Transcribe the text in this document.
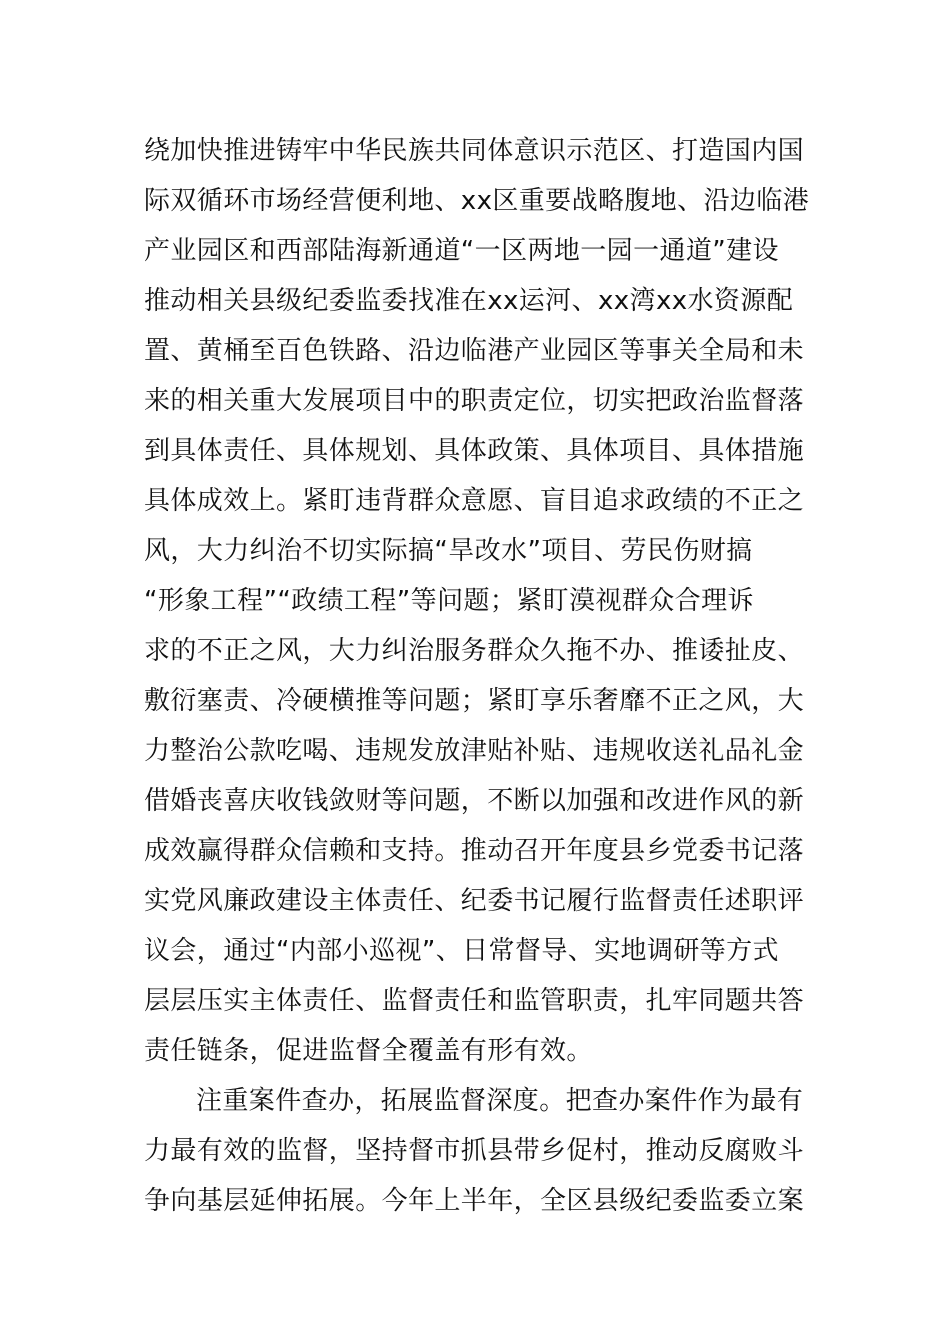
绕加快推进铸牢中华民族共同体意识示范区、打造国内国
际双循环市场经营便利地、xx区重要战略腹地、沿边临港
产业园区和西部陆海新通道“一区两地一园一通道”建设
推动相关县级纪委监委找准在xx运河、xx湾xx水资源配
置、黄桶至百色铁路、沿边临港产业园区等事关全局和未
来的相关重大发展项目中的职责定位，切实把政治监督落
到具体责任、具体规划、具体政策、具体项目、具体措施
具体成效上。紧盯违背群众意愿、盲目追求政绩的不正之
风，大力纠治不切实际搞“旱改水”项目、劳民伤财搞
“形象工程”“政绩工程”等问题；紧盯漠视群众合理诉
求的不正之风，大力纠治服务群众久拖不办、推诿扯皮、
敷衍塞责、冷硬横推等问题；紧盯享乐奢靡不正之风，大
力整治公款吃喝、违规发放津贴补贴、违规收送礼品礼金
借婚丧喜庆收钱敛财等问题，不断以加强和改进作风的新
成效赢得群众信赖和支持。推动召开年度县乡党委书记落
实党风廉政建设主体责任、纪委书记履行监督责任述职评
议会，通过“内部小巡视”、日常督导、实地调研等方式
层层压实主体责任、监督责任和监管职责，扎牢同题共答
责任链条，促进监督全覆盖有形有效。
注重案件查办，拓展监督深度。把查办案件作为最有
力最有效的监督，坚持督市抓县带乡促村，推动反腐败斗
争向基层延伸拓展。今年上半年，全区县级纪委监委立案
